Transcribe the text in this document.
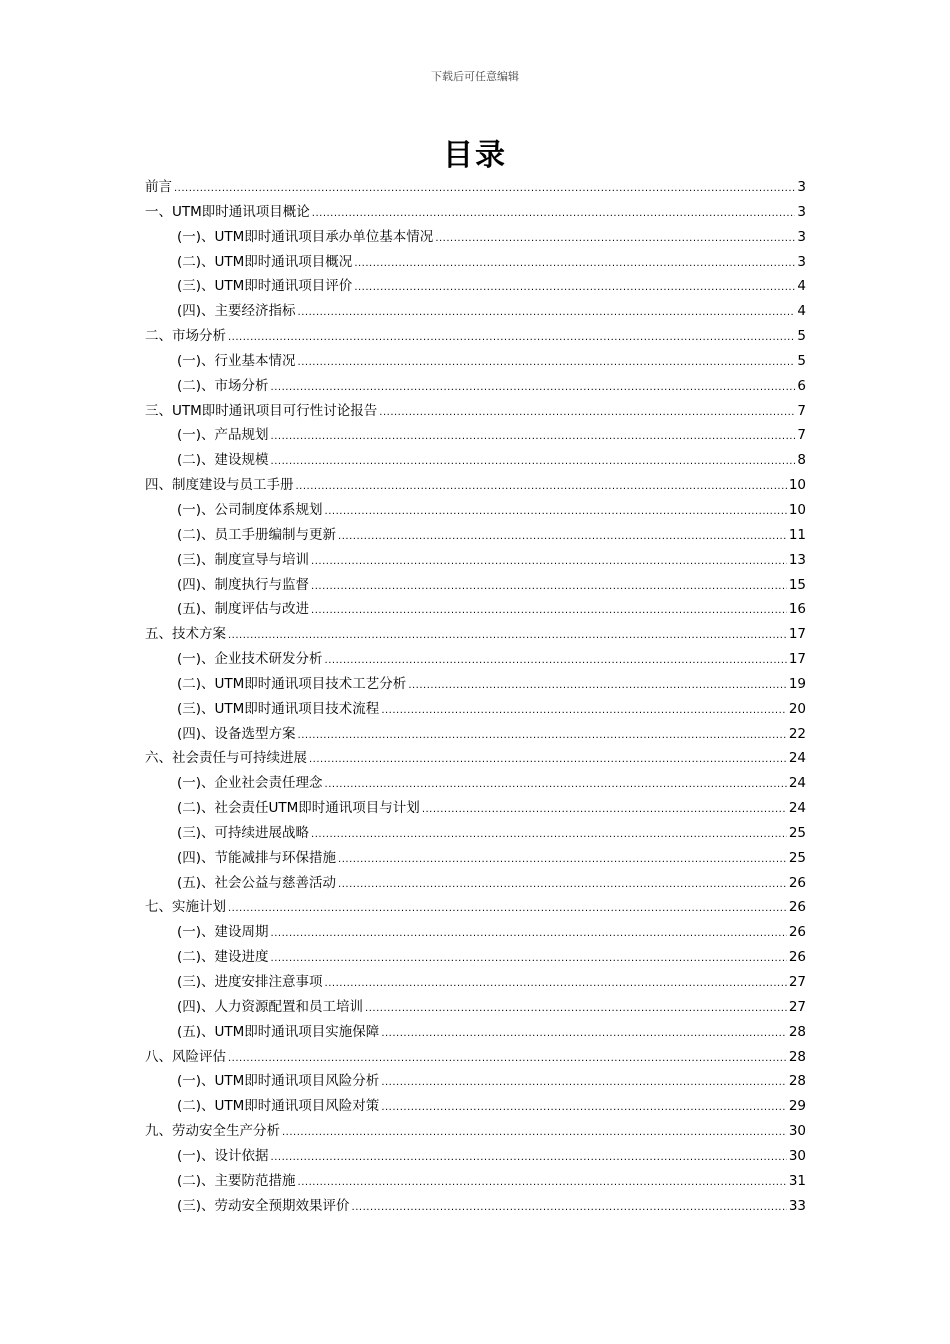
下载后可任意编辑
目录
前言 .....	3
一、UTM即时通讯项目概论 .....	3
(一)、UTM即时通讯项目承办单位基本情况 .....	3
(二)、UTM即时通讯项目概况 .....	3
(三)、UTM即时通讯项目评价 .....	4
(四)、主要经济指标 .....	4
二、市场分析 .....	5
(一)、行业基本情况 .....	5
(二)、市场分析 .....	6
三、UTM即时通讯项目可行性讨论报告 .....	7
(一)、产品规划 .....	7
(二)、建设规模 .....	8
四、制度建设与员工手册 .....	10
(一)、公司制度体系规划 .....	10
(二)、员工手册编制与更新 .....	11
(三)、制度宣导与培训 .....	13
(四)、制度执行与监督 .....	15
(五)、制度评估与改进 .....	16
五、技术方案 .....	17
(一)、企业技术研发分析 .....	17
(二)、UTM即时通讯项目技术工艺分析 .....	19
(三)、UTM即时通讯项目技术流程 .....	20
(四)、设备选型方案 .....	22
六、社会责任与可持续进展 .....	24
(一)、企业社会责任理念 .....	24
(二)、社会责任UTM即时通讯项目与计划 .....	24
(三)、可持续进展战略 .....	25
(四)、节能减排与环保措施 .....	25
(五)、社会公益与慈善活动 .....	26
七、实施计划 .....	26
(一)、建设周期 .....	26
(二)、建设进度 .....	26
(三)、进度安排注意事项 .....	27
(四)、人力资源配置和员工培训 .....	27
(五)、UTM即时通讯项目实施保障 .....	28
八、风险评估 .....	28
(一)、UTM即时通讯项目风险分析 .....	28
(二)、UTM即时通讯项目风险对策 .....	29
九、劳动安全生产分析 .....	30
(一)、设计依据 .....	30
(二)、主要防范措施 .....	31
(三)、劳动安全预期效果评价 .....	33
